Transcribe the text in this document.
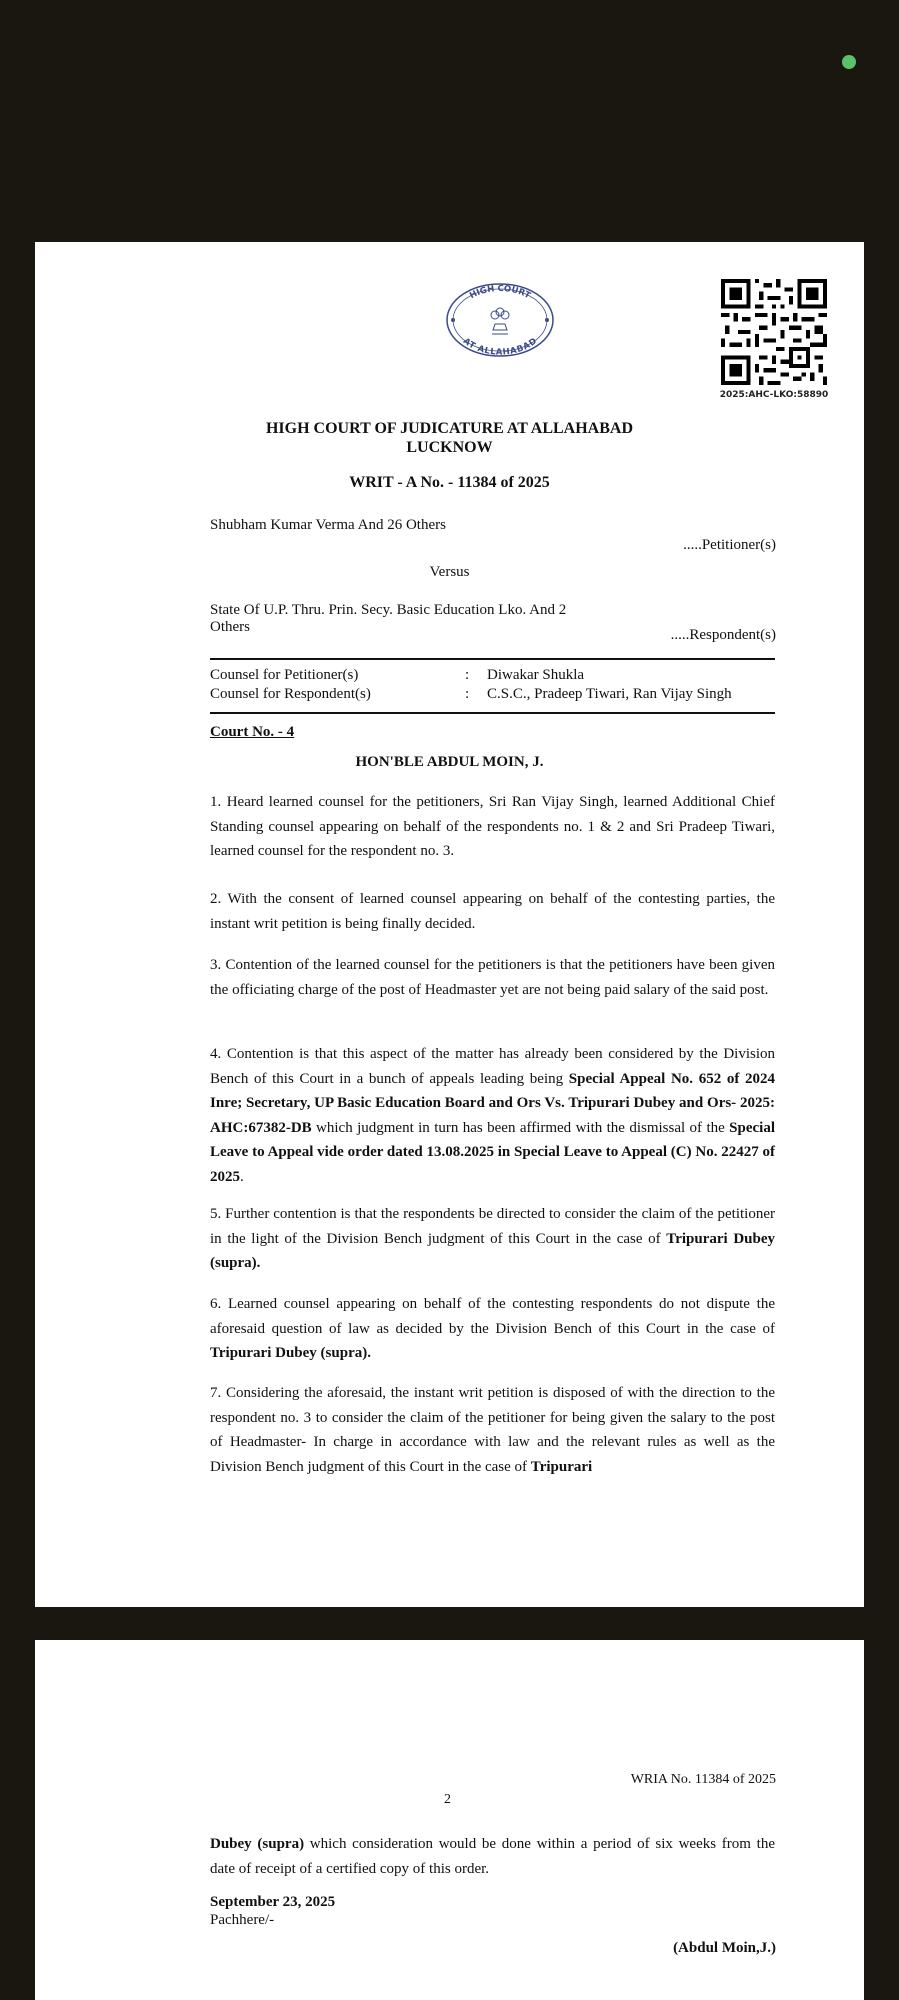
HIGH COURT
AT ALLAHABAD
2025:AHC-LKO:58890
HIGH COURT OF JUDICATURE AT ALLAHABAD
LUCKNOW
WRIT - A No. - 11384 of 2025
Shubham Kumar Verma And 26 Others
.....Petitioner(s)
Versus
State Of U.P. Thru. Prin. Secy. Basic Education Lko. And 2
Others	.....Respondent(s)
Counsel for Petitioner(s)	: Diwakar Shukla
Counsel for Respondent(s)	: C.S.C., Pradeep Tiwari, Ran Vijay Singh
Court No. - 4
HON'BLE ABDUL MOIN, J.

1. Heard learned counsel for the petitioners, Sri Ran Vijay Singh, learned Additional Chief Standing counsel appearing on behalf of the respondents no. 1 & 2 and Sri Pradeep Tiwari, learned counsel for the respondent no. 3.

2. With the consent of learned counsel appearing on behalf of the contesting parties, the instant writ petition is being finally decided.

3. Contention of the learned counsel for the petitioners is that the petitioners have been given the officiating charge of the post of Headmaster yet are not being paid salary of the said post.

4. Contention is that this aspect of the matter has already been considered by the Division Bench of this Court in a bunch of appeals leading being Special Appeal No. 652 of 2024 Inre; Secretary, UP Basic Education Board and Ors Vs. Tripurari Dubey and Ors- 2025: AHC:67382-DB which judgment in turn has been affirmed with the dismissal of the Special Leave to Appeal vide order dated 13.08.2025 in Special Leave to Appeal (C) No. 22427 of 2025.

5. Further contention is that the respondents be directed to consider the claim of the petitioner in the light of the Division Bench judgment of this Court in the case of Tripurari Dubey (supra).

6. Learned counsel appearing on behalf of the contesting respondents do not dispute the aforesaid question of law as decided by the Division Bench of this Court in the case of Tripurari Dubey (supra).

7. Considering the aforesaid, the instant writ petition is disposed of with the direction to the respondent no. 3 to consider the claim of the petitioner for being given the salary to the post of Headmaster- In charge in accordance with law and the relevant rules as well as the Division Bench judgment of this Court in the case of Tripurari

WRIA No. 11384 of 2025
2

Dubey (supra) which consideration would be done within a period of six weeks from the date of receipt of a certified copy of this order.

September 23, 2025
Pachhere/-
(Abdul Moin,J.)
